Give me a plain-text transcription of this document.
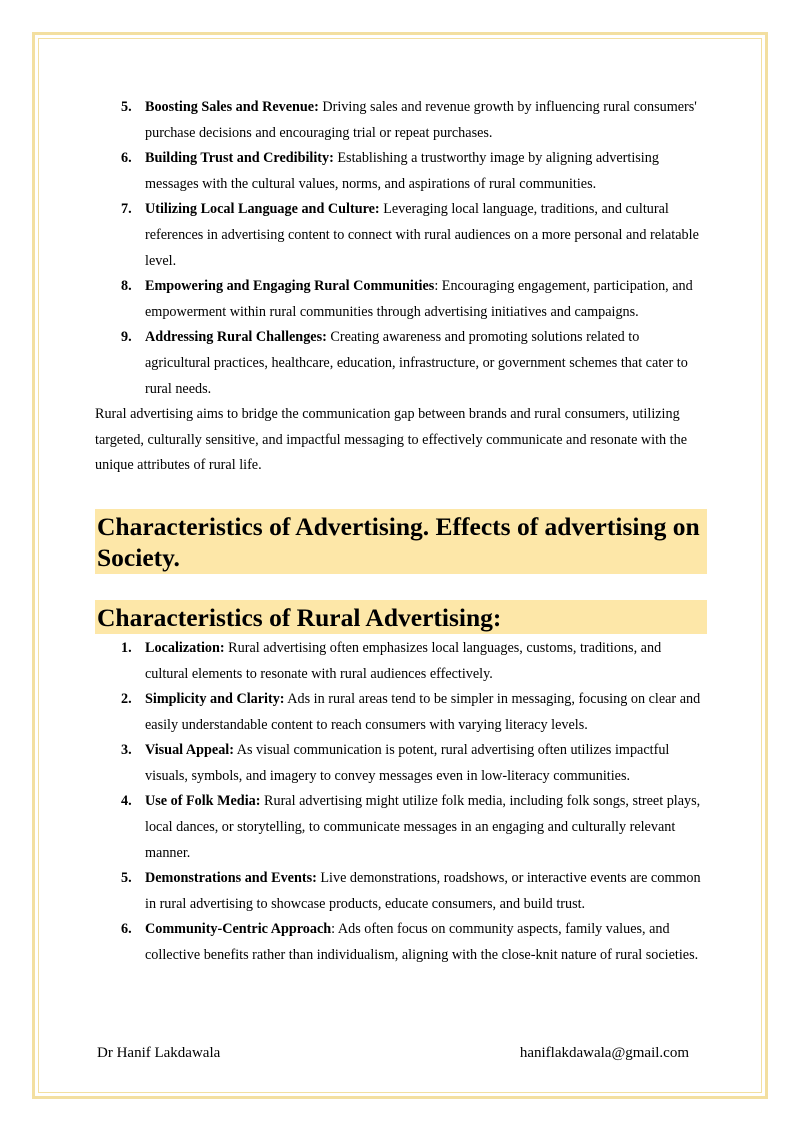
5. Boosting Sales and Revenue: Driving sales and revenue growth by influencing rural consumers' purchase decisions and encouraging trial or repeat purchases.
6. Building Trust and Credibility: Establishing a trustworthy image by aligning advertising messages with the cultural values, norms, and aspirations of rural communities.
7. Utilizing Local Language and Culture: Leveraging local language, traditions, and cultural references in advertising content to connect with rural audiences on a more personal and relatable level.
8. Empowering and Engaging Rural Communities: Encouraging engagement, participation, and empowerment within rural communities through advertising initiatives and campaigns.
9. Addressing Rural Challenges: Creating awareness and promoting solutions related to agricultural practices, healthcare, education, infrastructure, or government schemes that cater to rural needs.

Rural advertising aims to bridge the communication gap between brands and rural consumers, utilizing targeted, culturally sensitive, and impactful messaging to effectively communicate and resonate with the unique attributes of rural life.

Characteristics of Advertising. Effects of advertising on Society.
Characteristics of Rural Advertising:
1. Localization: Rural advertising often emphasizes local languages, customs, traditions, and cultural elements to resonate with rural audiences effectively.
2. Simplicity and Clarity: Ads in rural areas tend to be simpler in messaging, focusing on clear and easily understandable content to reach consumers with varying literacy levels.
3. Visual Appeal: As visual communication is potent, rural advertising often utilizes impactful visuals, symbols, and imagery to convey messages even in low-literacy communities.
4. Use of Folk Media: Rural advertising might utilize folk media, including folk songs, street plays, local dances, or storytelling, to communicate messages in an engaging and culturally relevant manner.
5. Demonstrations and Events: Live demonstrations, roadshows, or interactive events are common in rural advertising to showcase products, educate consumers, and build trust.
6. Community-Centric Approach: Ads often focus on community aspects, family values, and collective benefits rather than individualism, aligning with the close-knit nature of rural societies.
Dr Hanif Lakdawala	haniflakdawala@gmail.com
